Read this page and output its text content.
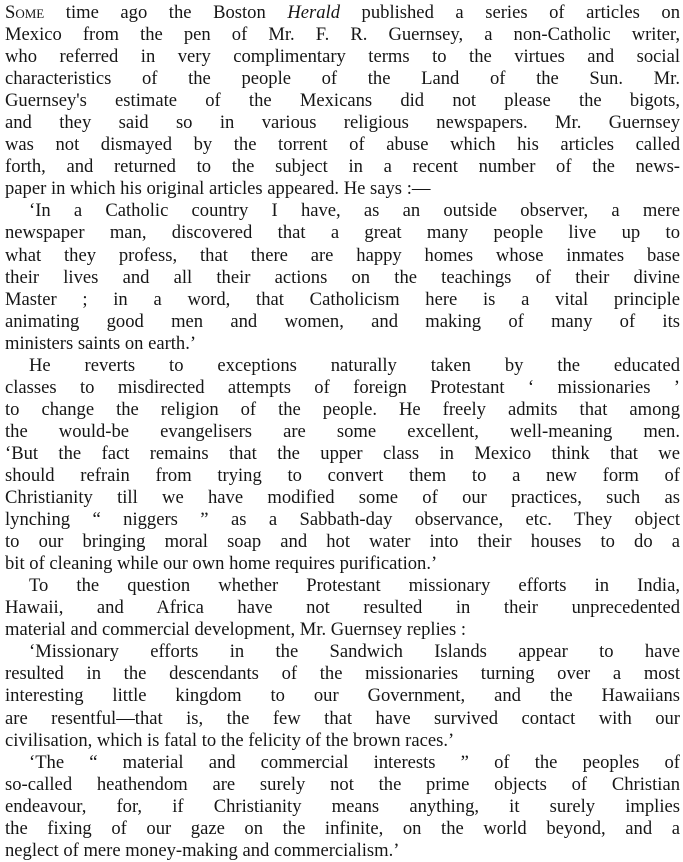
Some time ago the Boston Herald published a series of articles on
Mexico from the pen of Mr. F. R. Guernsey, a non-Catholic writer,
who referred in very complimentary terms to the virtues and social
characteristics of the people of the Land of the Sun. Mr.
Guernsey's estimate of the Mexicans did not please the bigots,
and they said so in various religious newspapers. Mr. Guernsey
was not dismayed by the torrent of abuse which his articles called
forth, and returned to the subject in a recent number of the news-
paper in which his original articles appeared. He says :—
‘In a Catholic country I have, as an outside observer, a mere
newspaper man, discovered that a great many people live up to
what they profess, that there are happy homes whose inmates base
their lives and all their actions on the teachings of their divine
Master ; in a word, that Catholicism here is a vital principle
animating good men and women, and making of many of its
ministers saints on earth.’
He reverts to exceptions naturally taken by the educated
classes to misdirected attempts of foreign Protestant ‘ missionaries ’
to change the religion of the people. He freely admits that among
the would-be evangelisers are some excellent, well-meaning men.
‘But the fact remains that the upper class in Mexico think that we
should refrain from trying to convert them to a new form of
Christianity till we have modified some of our practices, such as
lynching “ niggers ” as a Sabbath-day observance, etc. They object
to our bringing moral soap and hot water into their houses to do a
bit of cleaning while our own home requires purification.’
To the question whether Protestant missionary efforts in India,
Hawaii, and Africa have not resulted in their unprecedented
material and commercial development, Mr. Guernsey replies :
‘Missionary efforts in the Sandwich Islands appear to have
resulted in the descendants of the missionaries turning over a most
interesting little kingdom to our Government, and the Hawaiians
are resentful—that is, the few that have survived contact with our
civilisation, which is fatal to the felicity of the brown races.’
‘The “ material and commercial interests ” of the peoples of
so-called heathendom are surely not the prime objects of Christian
endeavour, for, if Christianity means anything, it surely implies
the fixing of our gaze on the infinite, on the world beyond, and a
neglect of mere money-making and commercialism.’
